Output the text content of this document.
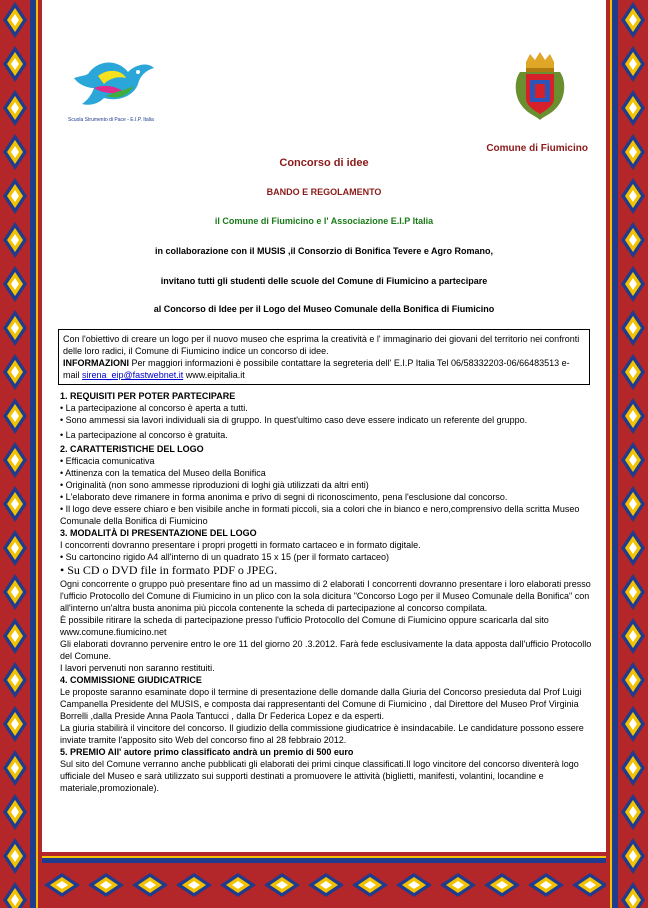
Scuola Strumento di Pace - E.I.P. Italia
Comune di Fiumicino
Concorso di idee
BANDO E REGOLAMENTO
il Comune di Fiumicino e l' Associazione E.I.P Italia
in collaborazione con il MUSIS ,il Consorzio di Bonifica Tevere e Agro Romano,
invitano tutti gli studenti delle scuole del Comune di Fiumicino a partecipare
al Concorso di Idee per il Logo del Museo Comunale della Bonifica di Fiumicino
Con l'obiettivo di creare un logo per il nuovo museo che esprima la creatività e l' immaginario dei giovani del territorio nei confronti delle loro radici, il Comune di Fiumicino indice un concorso di idee.
INFORMAZIONI Per maggiori informazioni è possibile contattare la segreteria dell' E.I.P Italia Tel 06/58332203-06/66483513 e-mail sirena_eip@fastwebnet.it www.eipitalia.it

1. REQUISITI PER POTER PARTECIPARE

• La partecipazione al concorso è aperta a tutti.

• Sono ammessi sia lavori individuali sia di gruppo. In quest'ultimo caso deve essere indicato un referente del gruppo.

• La partecipazione al concorso è gratuita.

2. CARATTERISTICHE DEL LOGO

• Efficacia comunicativa

• Attinenza con la tematica del Museo della Bonifica

• Originalità (non sono ammesse riproduzioni di loghi già utilizzati da altri enti)

• L'elaborato deve rimanere in forma anonima e privo di segni di riconoscimento, pena l'esclusione dal concorso.

• Il logo deve essere chiaro e ben visibile anche in formati piccoli, sia a colori che in bianco e nero,comprensivo della scritta Museo Comunale della Bonifica di Fiumicino

3. MODALITÀ DI PRESENTAZIONE DEL LOGO

I concorrenti dovranno presentare i propri progetti in formato cartaceo e in formato digitale.

• Su cartoncino rigido A4 all'interno di un quadrato 15 x 15 (per il formato cartaceo)

• Su CD o DVD file in formato PDF o JPEG.

Ogni concorrente o gruppo può presentare fino ad un massimo di 2 elaborati I concorrenti dovranno presentare i loro elaborati presso l'ufficio Protocollo del Comune di Fiumicino in un plico con la sola dicitura "Concorso Logo per il Museo Comunale della Bonifica" con all'interno un'altra busta anonima più piccola contenente la scheda di partecipazione al concorso compilata.

È possibile ritirare la scheda di partecipazione presso l'ufficio Protocollo del Comune di Fiumicino oppure scaricarla dal sito www.comune.fiumicino.net

Gli elaborati dovranno pervenire entro le ore 11 del giorno 20 .3.2012. Farà fede esclusivamente la data apposta dall'ufficio Protocollo del Comune.

I lavori pervenuti non saranno restituiti.

4. COMMISSIONE GIUDICATRICE

Le proposte saranno esaminate dopo il termine di presentazione delle domande dalla Giuria del Concorso presieduta dal Prof Luigi Campanella Presidente del MUSIS, e composta dai rappresentanti del Comune di Fiumicino , dal Direttore del Museo Prof Virginia Borrelli ,dalla Preside Anna Paola Tantucci , dalla Dr Federica Lopez e da esperti.

La giuria stabilirà il vincitore del concorso. Il giudizio della commissione giudicatrice è insindacabile. Le candidature possono essere inviate tramite l'apposito sito Web del concorso fino al 28 febbraio 2012.

5. PREMIO All' autore primo classificato andrà un premio di 500 euro

Sul sito del Comune verranno anche pubblicati gli elaborati dei primi cinque classificati.Il logo vincitore del concorso diventerà logo ufficiale del Museo e sarà utilizzato sui supporti destinati a promuovere le attività (biglietti, manifesti, volantini, locandine e materiale,promozionale).
